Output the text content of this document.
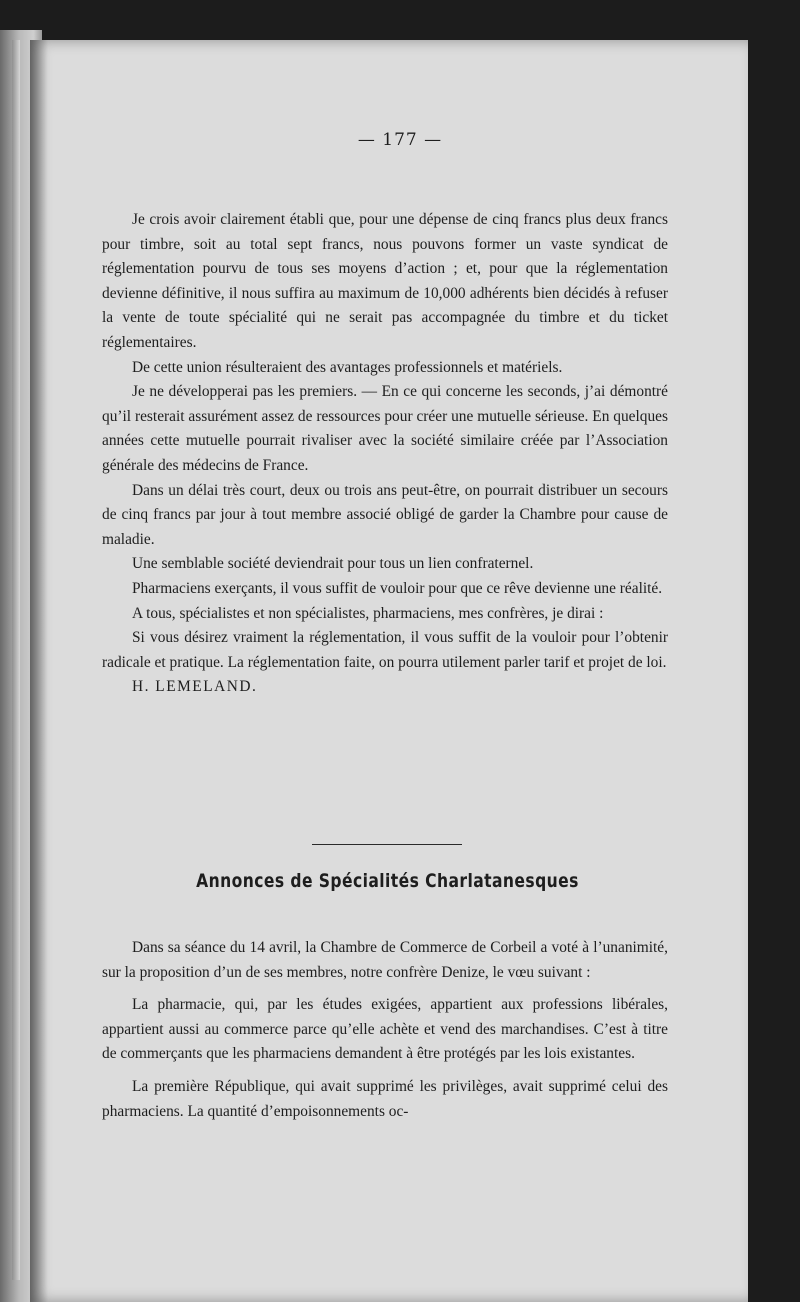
— 177 —

Je crois avoir clairement établi que, pour une dépense de cinq francs plus deux francs pour timbre, soit au total sept francs, nous pouvons former un vaste syndicat de réglementation pourvu de tous ses moyens d’action ; et, pour que la réglementation devienne définitive, il nous suffira au maximum de 10,000 adhérents bien décidés à refuser la vente de toute spécialité qui ne serait pas accompagnée du timbre et du ticket réglementaires.

De cette union résulteraient des avantages professionnels et matériels.

Je ne développerai pas les premiers. — En ce qui concerne les seconds, j’ai démontré qu’il resterait assurément assez de ressources pour créer une mutuelle sérieuse. En quelques années cette mutuelle pourrait rivaliser avec la société similaire créée par l’Association générale des médecins de France.

Dans un délai très court, deux ou trois ans peut-être, on pourrait distribuer un secours de cinq francs par jour à tout membre associé obligé de garder la Chambre pour cause de maladie.

Une semblable société deviendrait pour tous un lien confraternel.

Pharmaciens exerçants, il vous suffit de vouloir pour que ce rêve devienne une réalité.

A tous, spécialistes et non spécialistes, pharmaciens, mes confrères, je dirai :

Si vous désirez vraiment la réglementation, il vous suffit de la vouloir pour l’obtenir radicale et pratique. La réglementation faite, on pourra utilement parler tarif et projet de loi.

H. LEMELAND.

Annonces de Spécialités Charlatanesques

Dans sa séance du 14 avril, la Chambre de Commerce de Corbeil a voté à l’unanimité, sur la proposition d’un de ses membres, notre confrère Denize, le vœu suivant :

La pharmacie, qui, par les études exigées, appartient aux professions libérales, appartient aussi au commerce parce qu’elle achète et vend des marchandises. C’est à titre de commerçants que les pharmaciens demandent à être protégés par les lois existantes.

La première République, qui avait supprimé les privilèges, avait supprimé celui des pharmaciens. La quantité d’empoisonnements oc-
